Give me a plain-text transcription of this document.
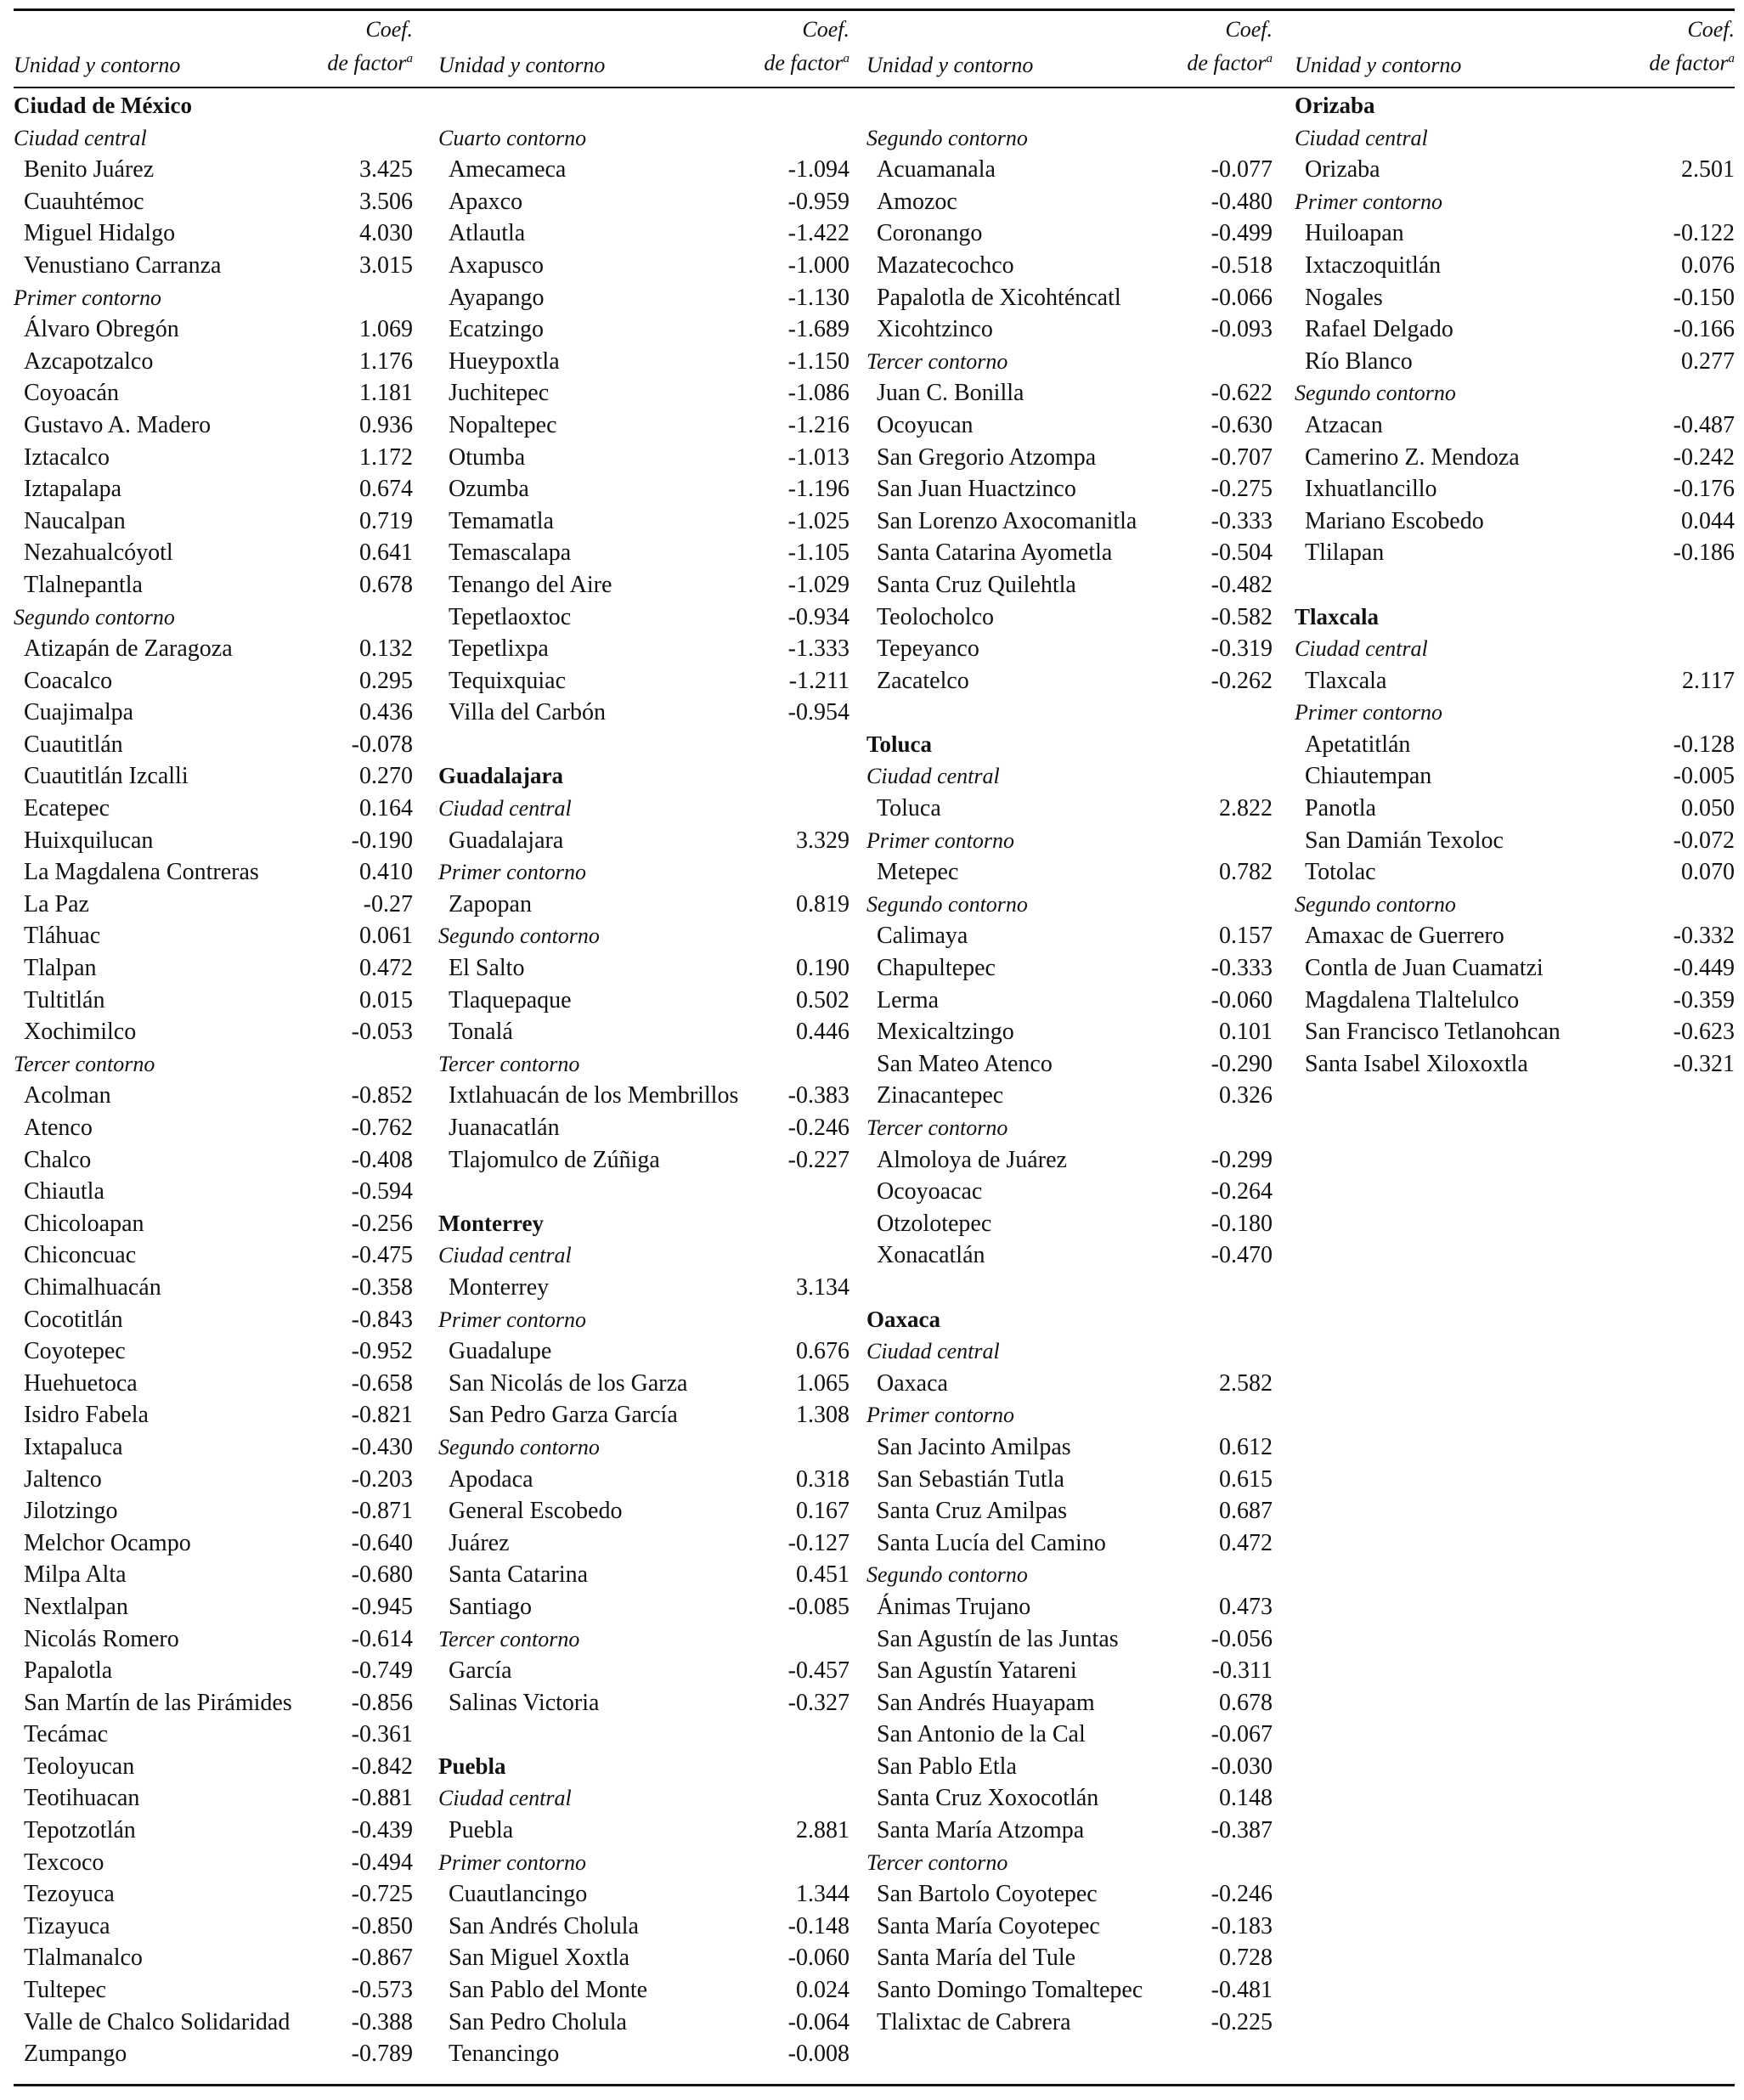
Unidad y contorno
Coef.
de factor$^a$
Ciudad de México
Ciudad central
Benito Juárez	3.425
Cuauhtémoc	3.506
Miguel Hidalgo	4.030
Venustiano Carranza	3.015
Primer contorno
Álvaro Obregón	1.069
Azcapotzalco	1.176
Coyoacán	1.181
Gustavo A. Madero	0.936
Iztacalco	1.172
Iztapalapa	0.674
Naucalpan	0.719
Nezahualcóyotl	0.641
Tlalnepantla	0.678
Segundo contorno
Atizapán de Zaragoza	0.132
Coacalco	0.295
Cuajimalpa	0.436
Cuautitlán	-0.078
Cuautitlán Izcalli	0.270
Ecatepec	0.164
Huixquilucan	-0.190
La Magdalena Contreras	0.410
La Paz	-0.27
Tláhuac	0.061
Tlalpan	0.472
Tultitlán	0.015
Xochimilco	-0.053
Tercer contorno
Acolman	-0.852
Atenco	-0.762
Chalco	-0.408
Chiautla	-0.594
Chicoloapan	-0.256
Chiconcuac	-0.475
Chimalhuacán	-0.358
Cocotitlán	-0.843
Coyotepec	-0.952
Huehuetoca	-0.658
Isidro Fabela	-0.821
Ixtapaluca	-0.430
Jaltenco	-0.203
Jilotzingo	-0.871
Melchor Ocampo	-0.640
Milpa Alta	-0.680
Nextlalpan	-0.945
Nicolás Romero	-0.614
Papalotla	-0.749
San Martín de las Pirámides -0.856
Tecámac	-0.361
Teoloyucan	-0.842
Teotihuacan	-0.881
Tepotzotlán	-0.439
Texcoco	-0.494
Tezoyuca	-0.725
Tizayuca	-0.850
Tlalmanalco	-0.867
Tultepec	-0.573
Valle de Chalco Solidaridad	-0.388
Zumpango	-0.789
Unidad y contorno
Coef.
de factor$^a$
Cuarto contorno
Amecameca	-1.094
Apaxco	-0.959
Atlautla	-1.422
Axapusco	-1.000
Ayapango	-1.130
Ecatzingo	-1.689
Hueypoxtla	-1.150
Juchitepec	-1.086
Nopaltepec	-1.216
Otumba	-1.013
Ozumba	-1.196
Temamatla	-1.025
Temascalapa	-1.105
Tenango del Aire	-1.029
Tepetlaoxtoc	-0.934
Tepetlixpa	-1.333
Tequixquiac	-1.211
Villa del Carbón	-0.954
Guadalajara
Ciudad central
Guadalajara	3.329
Primer contorno
Zapopan	0.819
Segundo contorno
El Salto	0.190
Tlaquepaque	0.502
Tonalá	0.446
Tercer contorno
Ixtlahuacán de los Membrillos -0.383
Juanacatlán	-0.246
Tlajomulco de Zúñiga	-0.227
Monterrey
Ciudad central
Monterrey	3.134
Primer contorno
Guadalupe	0.676
San Nicolás de los Garza	1.065
San Pedro Garza García	1.308
Segundo contorno
Apodaca	0.318
General Escobedo	0.167
Juárez	-0.127
Santa Catarina	0.451
Santiago	-0.085
Tercer contorno
García	-0.457
Salinas Victoria	-0.327
Puebla
Ciudad central
Puebla	2.881
Primer contorno
Cuautlancingo	1.344
San Andrés Cholula	-0.148
San Miguel Xoxtla	-0.060
San Pablo del Monte	0.024
San Pedro Cholula	-0.064
Tenancingo	-0.008
Unidad y contorno
Coef.
de factor$^a$
Segundo contorno
Acuamanala	-0.077
Amozoc	-0.480
Coronango	-0.499
Mazatecochco	-0.518
Papalotla de Xicohténcatl	-0.066
Xicohtzinco	-0.093
Tercer contorno
Juan C. Bonilla	-0.622
Ocoyucan	-0.630
San Gregorio Atzompa	-0.707
San Juan Huactzinco	-0.275
San Lorenzo Axocomanitla	-0.333
Santa Catarina Ayometla	-0.504
Santa Cruz Quilehtla	-0.482
Teolocholco	-0.582
Tepeyanco	-0.319
Zacatelco	-0.262
Toluca
Ciudad central
Toluca	2.822
Primer contorno
Metepec	0.782
Segundo contorno
Calimaya	0.157
Chapultepec	-0.333
Lerma	-0.060
Mexicaltzingo	0.101
San Mateo Atenco	-0.290
Zinacantepec	0.326
Tercer contorno
Almoloya de Juárez	-0.299
Ocoyoacac	-0.264
Otzolotepec	-0.180
Xonacatlán	-0.470
Oaxaca
Ciudad central
Oaxaca	2.582
Primer contorno
San Jacinto Amilpas	0.612
San Sebastián Tutla	0.615
Santa Cruz Amilpas	0.687
Santa Lucía del Camino	0.472
Segundo contorno
Ánimas Trujano	0.473
San Agustín de las Juntas	-0.056
San Agustín Yatareni	-0.311
San Andrés Huayapam	0.678
San Antonio de la Cal	-0.067
San Pablo Etla	-0.030
Santa Cruz Xoxocotlán	0.148
Santa María Atzompa	-0.387
Tercer contorno
San Bartolo Coyotepec	-0.246
Santa María Coyotepec	-0.183
Santa María del Tule	0.728
Santo Domingo Tomaltepec	-0.481
Tlalixtac de Cabrera	-0.225
Unidad y contorno
Coef.
de factor$^a$
Orizaba
Ciudad central
Orizaba	2.501
Primer contorno
Huiloapan	-0.122
Ixtaczoquitlán	0.076
Nogales	-0.150
Rafael Delgado	-0.166
Río Blanco	0.277
Segundo contorno
Atzacan	-0.487
Camerino Z. Mendoza	-0.242
Ixhuatlancillo	-0.176
Mariano Escobedo	0.044
Tlilapan	-0.186
Tlaxcala
Ciudad central
Tlaxcala	2.117
Primer contorno
Apetatitlán	-0.128
Chiautempan	-0.005
Panotla	0.050
San Damián Texoloc	-0.072
Totolac	0.070
Segundo contorno
Amaxac de Guerrero	-0.332
Contla de Juan Cuamatzi	-0.449
Magdalena Tlaltelulco	-0.359
San Francisco Tetlanohcan	-0.623
Santa Isabel Xiloxoxtla	-0.321
